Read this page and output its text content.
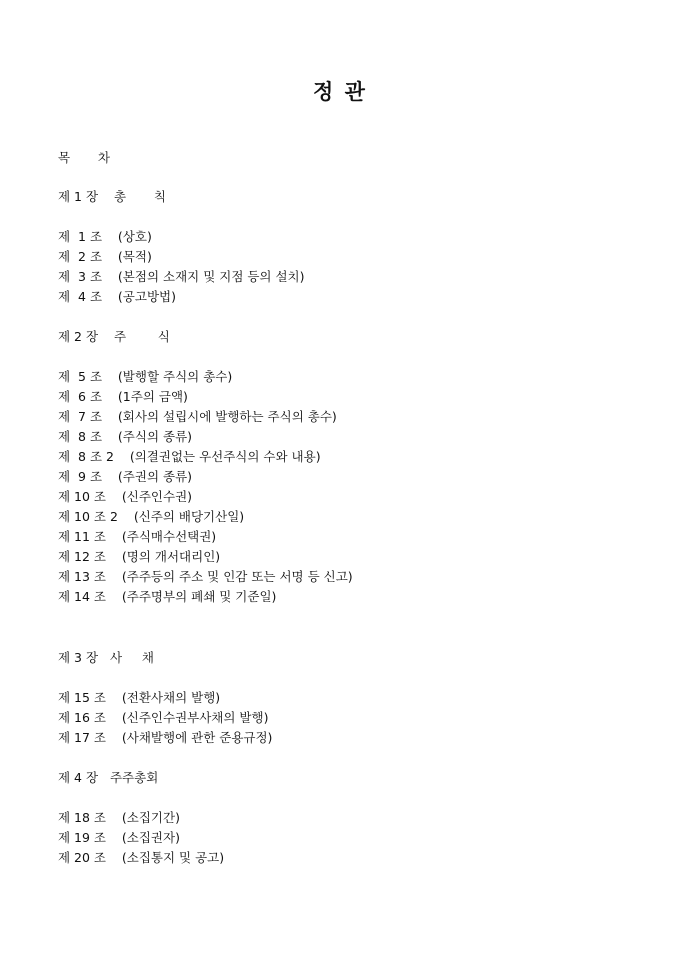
정 관
목       차
제 1 장    총       칙
제  1 조    (상호)
제  2 조    (목적)
제  3 조    (본점의 소재지 및 지점 등의 설치)
제  4 조    (공고방법)
제 2 장    주        식
제  5 조    (발행할 주식의 총수)
제  6 조    (1주의 금액)
제  7 조    (회사의 설립시에 발행하는 주식의 총수)
제  8 조    (주식의 종류)
제  8 조 2    (의결권없는 우선주식의 수와 내용)
제  9 조    (주권의 종류)
제 10 조    (신주인수권)
제 10 조 2    (신주의 배당기산일)
제 11 조    (주식매수선택권)
제 12 조    (명의 개서대리인)
제 13 조    (주주등의 주소 및 인감 또는 서명 등 신고)
제 14 조    (주주명부의 폐쇄 및 기준일)
제 3 장   사     채
제 15 조    (전환사채의 발행)
제 16 조    (신주인수권부사채의 발행)
제 17 조    (사채발행에 관한 준용규정)
제 4 장   주주총회
제 18 조    (소집기간)
제 19 조    (소집권자)
제 20 조    (소집통지 및 공고)
